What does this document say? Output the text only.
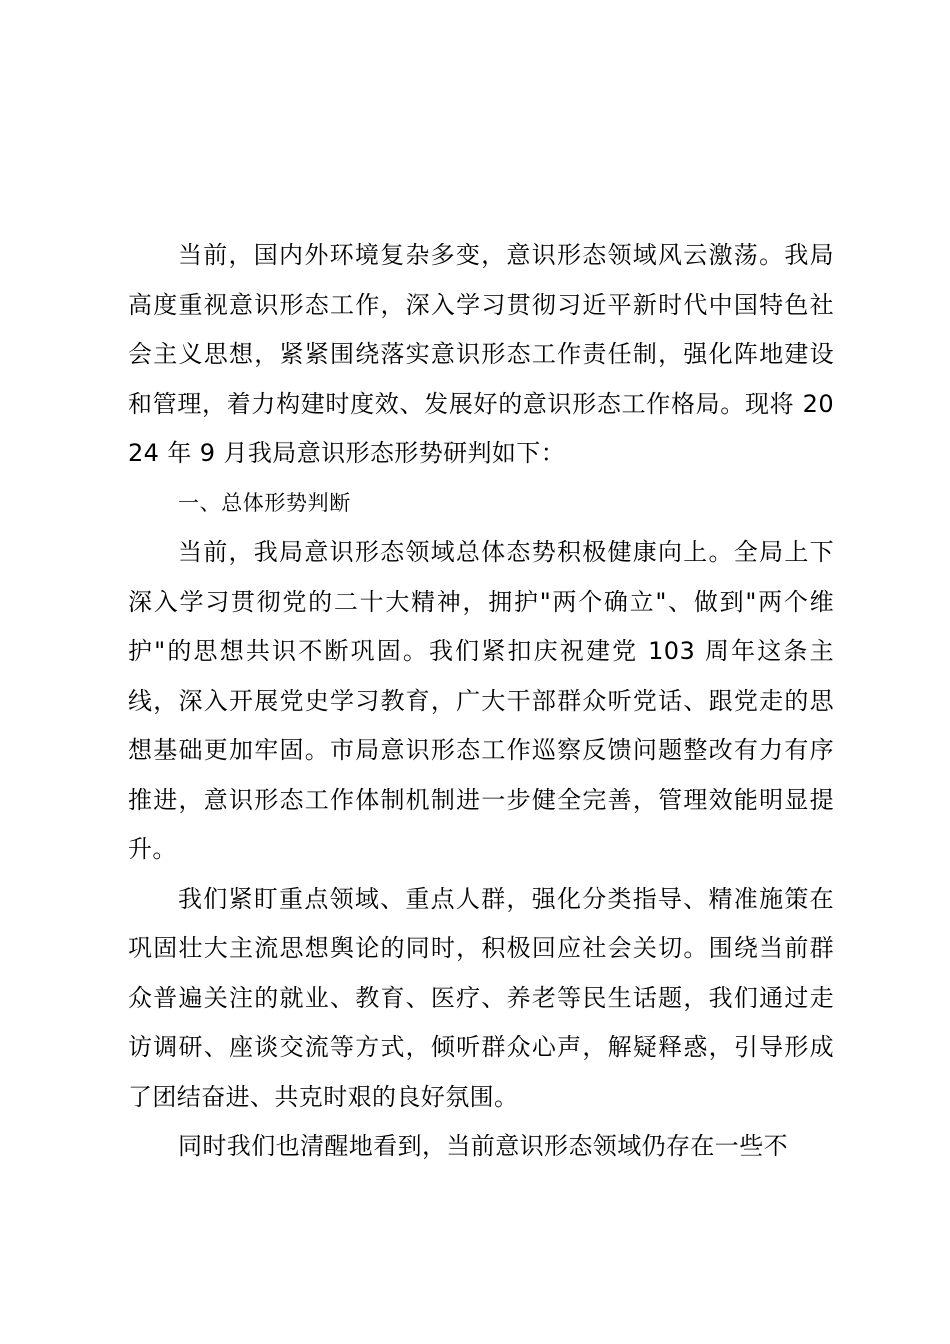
当前，国内外环境复杂多变，意识形态领域风云激荡。我局高度重视意识形态工作，深入学习贯彻习近平新时代中国特色社会主义思想，紧紧围绕落实意识形态工作责任制，强化阵地建设和管理，着力构建时度效、发展好的意识形态工作格局。现将 2024 年 9 月我局意识形态形势研判如下：

一、总体形势判断

当前，我局意识形态领域总体态势积极健康向上。全局上下深入学习贯彻党的二十大精神，拥护"两个确立"、做到"两个维护"的思想共识不断巩固。我们紧扣庆祝建党 103 周年这条主线，深入开展党史学习教育，广大干部群众听党话、跟党走的思想基础更加牢固。市局意识形态工作巡察反馈问题整改有力有序推进，意识形态工作体制机制进一步健全完善，管理效能明显提升。

我们紧盯重点领域、重点人群，强化分类指导、精准施策在巩固壮大主流思想舆论的同时，积极回应社会关切。围绕当前群众普遍关注的就业、教育、医疗、养老等民生话题，我们通过走访调研、座谈交流等方式，倾听群众心声，解疑释惑，引导形成了团结奋进、共克时艰的良好氛围。

同时我们也清醒地看到，当前意识形态领域仍存在一些不
